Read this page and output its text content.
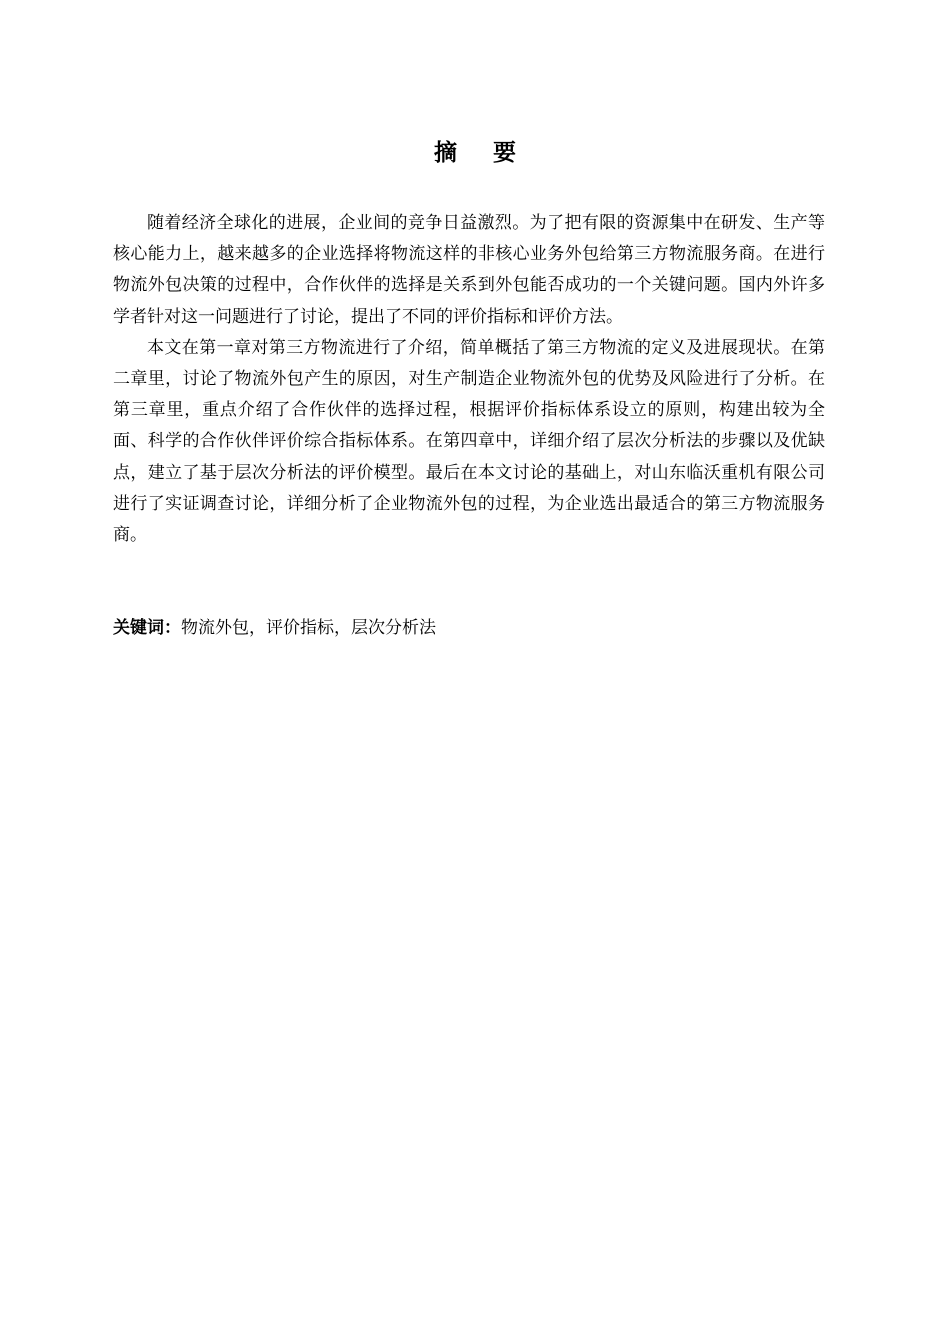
摘 要

随着经济全球化的进展，企业间的竞争日益激烈。为了把有限的资源集中在研发、生产等核心能力上，越来越多的企业选择将物流这样的非核心业务外包给第三方物流服务商。在进行物流外包决策的过程中，合作伙伴的选择是关系到外包能否成功的一个关键问题。国内外许多学者针对这一问题进行了讨论，提出了不同的评价指标和评价方法。

本文在第一章对第三方物流进行了介绍，简单概括了第三方物流的定义及进展现状。在第二章里，讨论了物流外包产生的原因，对生产制造企业物流外包的优势及风险进行了分析。在第三章里，重点介绍了合作伙伴的选择过程，根据评价指标体系设立的原则，构建出较为全面、科学的合作伙伴评价综合指标体系。在第四章中，详细介绍了层次分析法的步骤以及优缺点，建立了基于层次分析法的评价模型。最后在本文讨论的基础上，对山东临沃重机有限公司进行了实证调查讨论，详细分析了企业物流外包的过程，为企业选出最适合的第三方物流服务商。

关键词：物流外包，评价指标，层次分析法
